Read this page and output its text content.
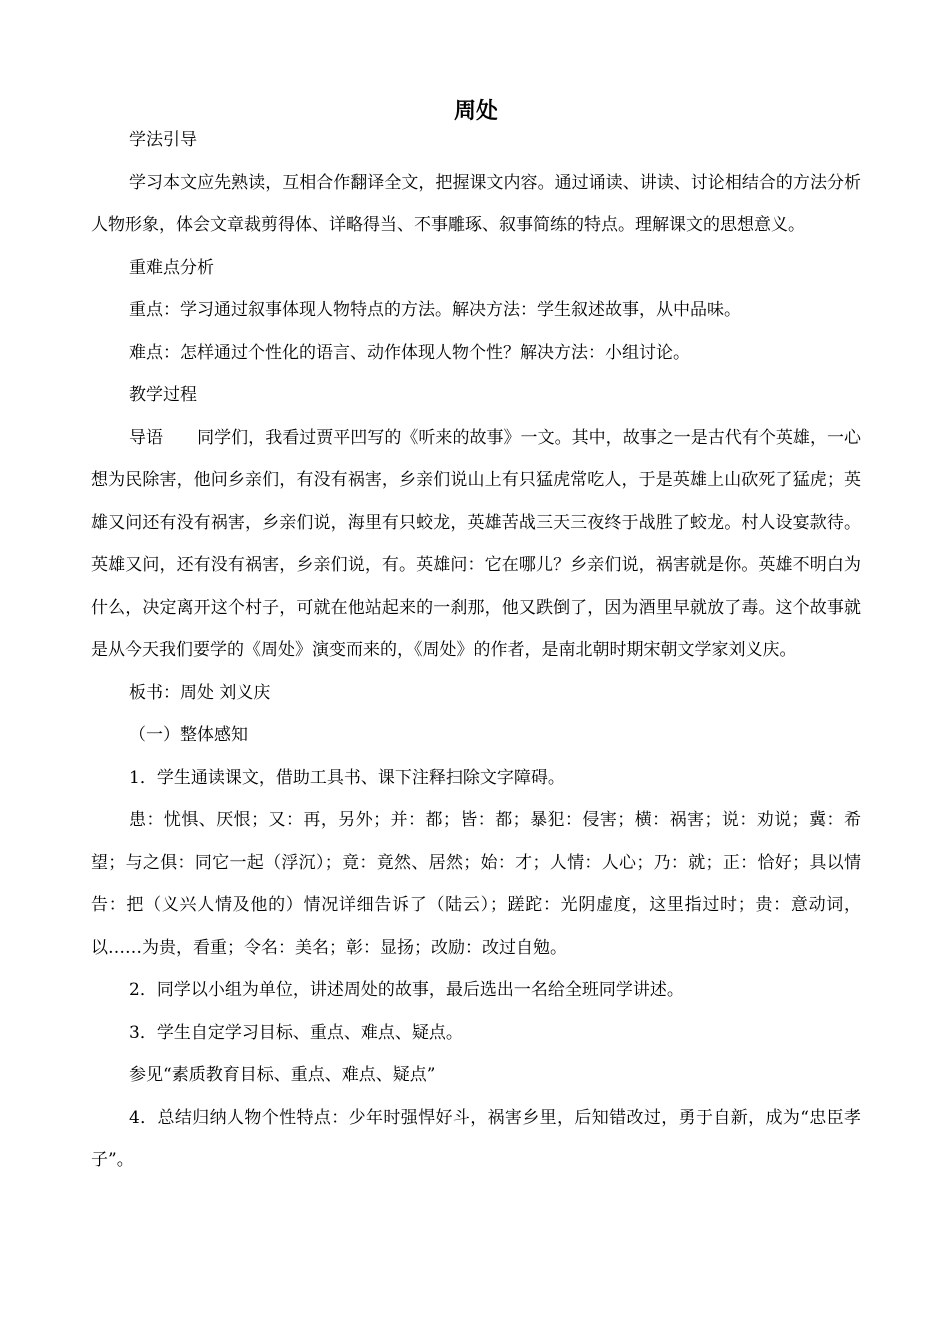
周处

学法引导

学习本文应先熟读，互相合作翻译全文，把握课文内容。通过诵读、讲读、讨论相结合的方法分析人物形象，体会文章裁剪得体、详略得当、不事雕琢、叙事简练的特点。理解课文的思想意义。

重难点分析

重点：学习通过叙事体现人物特点的方法。解决方法：学生叙述故事，从中品味。

难点：怎样通过个性化的语言、动作体现人物个性？解决方法：小组讨论。

教学过程

导语　　同学们，我看过贾平凹写的《听来的故事》一文。其中，故事之一是古代有个英雄，一心想为民除害，他问乡亲们，有没有祸害，乡亲们说山上有只猛虎常吃人，于是英雄上山砍死了猛虎；英雄又问还有没有祸害，乡亲们说，海里有只蛟龙，英雄苦战三天三夜终于战胜了蛟龙。村人设宴款待。英雄又问，还有没有祸害，乡亲们说，有。英雄问：它在哪儿？乡亲们说，祸害就是你。英雄不明白为什么，决定离开这个村子，可就在他站起来的一刹那，他又跌倒了，因为酒里早就放了毒。这个故事就是从今天我们要学的《周处》演变而来的，《周处》的作者，是南北朝时期宋朝文学家刘义庆。

板书：周处 刘义庆

（一）整体感知

1．学生通读课文，借助工具书、课下注释扫除文字障碍。

患：忧惧、厌恨；又：再，另外；并：都；皆：都；暴犯：侵害；横：祸害；说：劝说；冀：希望；与之俱：同它一起（浮沉）；竟：竟然、居然；始：才；人情：人心；乃：就；正：恰好；具以情告：把（义兴人情及他的）情况详细告诉了（陆云）；蹉跎：光阴虚度，这里指过时；贵：意动词，以……为贵，看重；令名：美名；彰：显扬；改励：改过自勉。

2．同学以小组为单位，讲述周处的故事，最后选出一名给全班同学讲述。

3．学生自定学习目标、重点、难点、疑点。

参见“素质教育目标、重点、难点、疑点”

4．总结归纳人物个性特点：少年时强悍好斗，祸害乡里，后知错改过，勇于自新，成为“忠臣孝子”。
